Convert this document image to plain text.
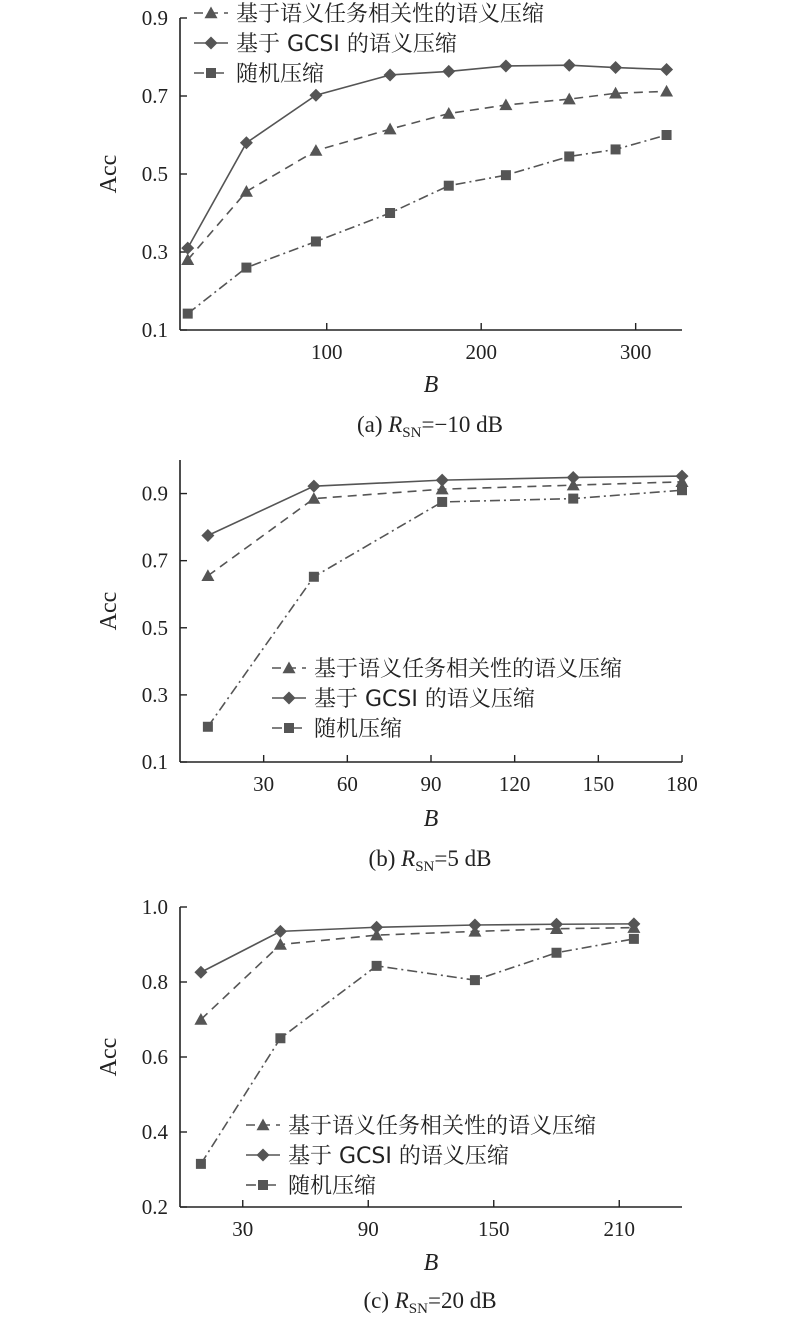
0.1
0.3
0.5
0.7
0.9
100	200	300
Acc
B
基于语义任务相关性的语义压缩
基于 GCSI 的语义压缩
随机压缩
(a) $R_{SN}=-10$ dB
0.1
0.3
0.5
0.7
0.9
30	60	90	120 150 180
Acc
B
基于语义任务相关性的语义压缩
基于 GCSI 的语义压缩
随机压缩
(b) $R_{SN}=5$ dB
0.2
0.4
0.6
0.8
1.0
30	90	150	210
Acc
B
基于语义任务相关性的语义压缩
基于 GCSI 的语义压缩
随机压缩
(c) $R_{SN}=20$ dB
